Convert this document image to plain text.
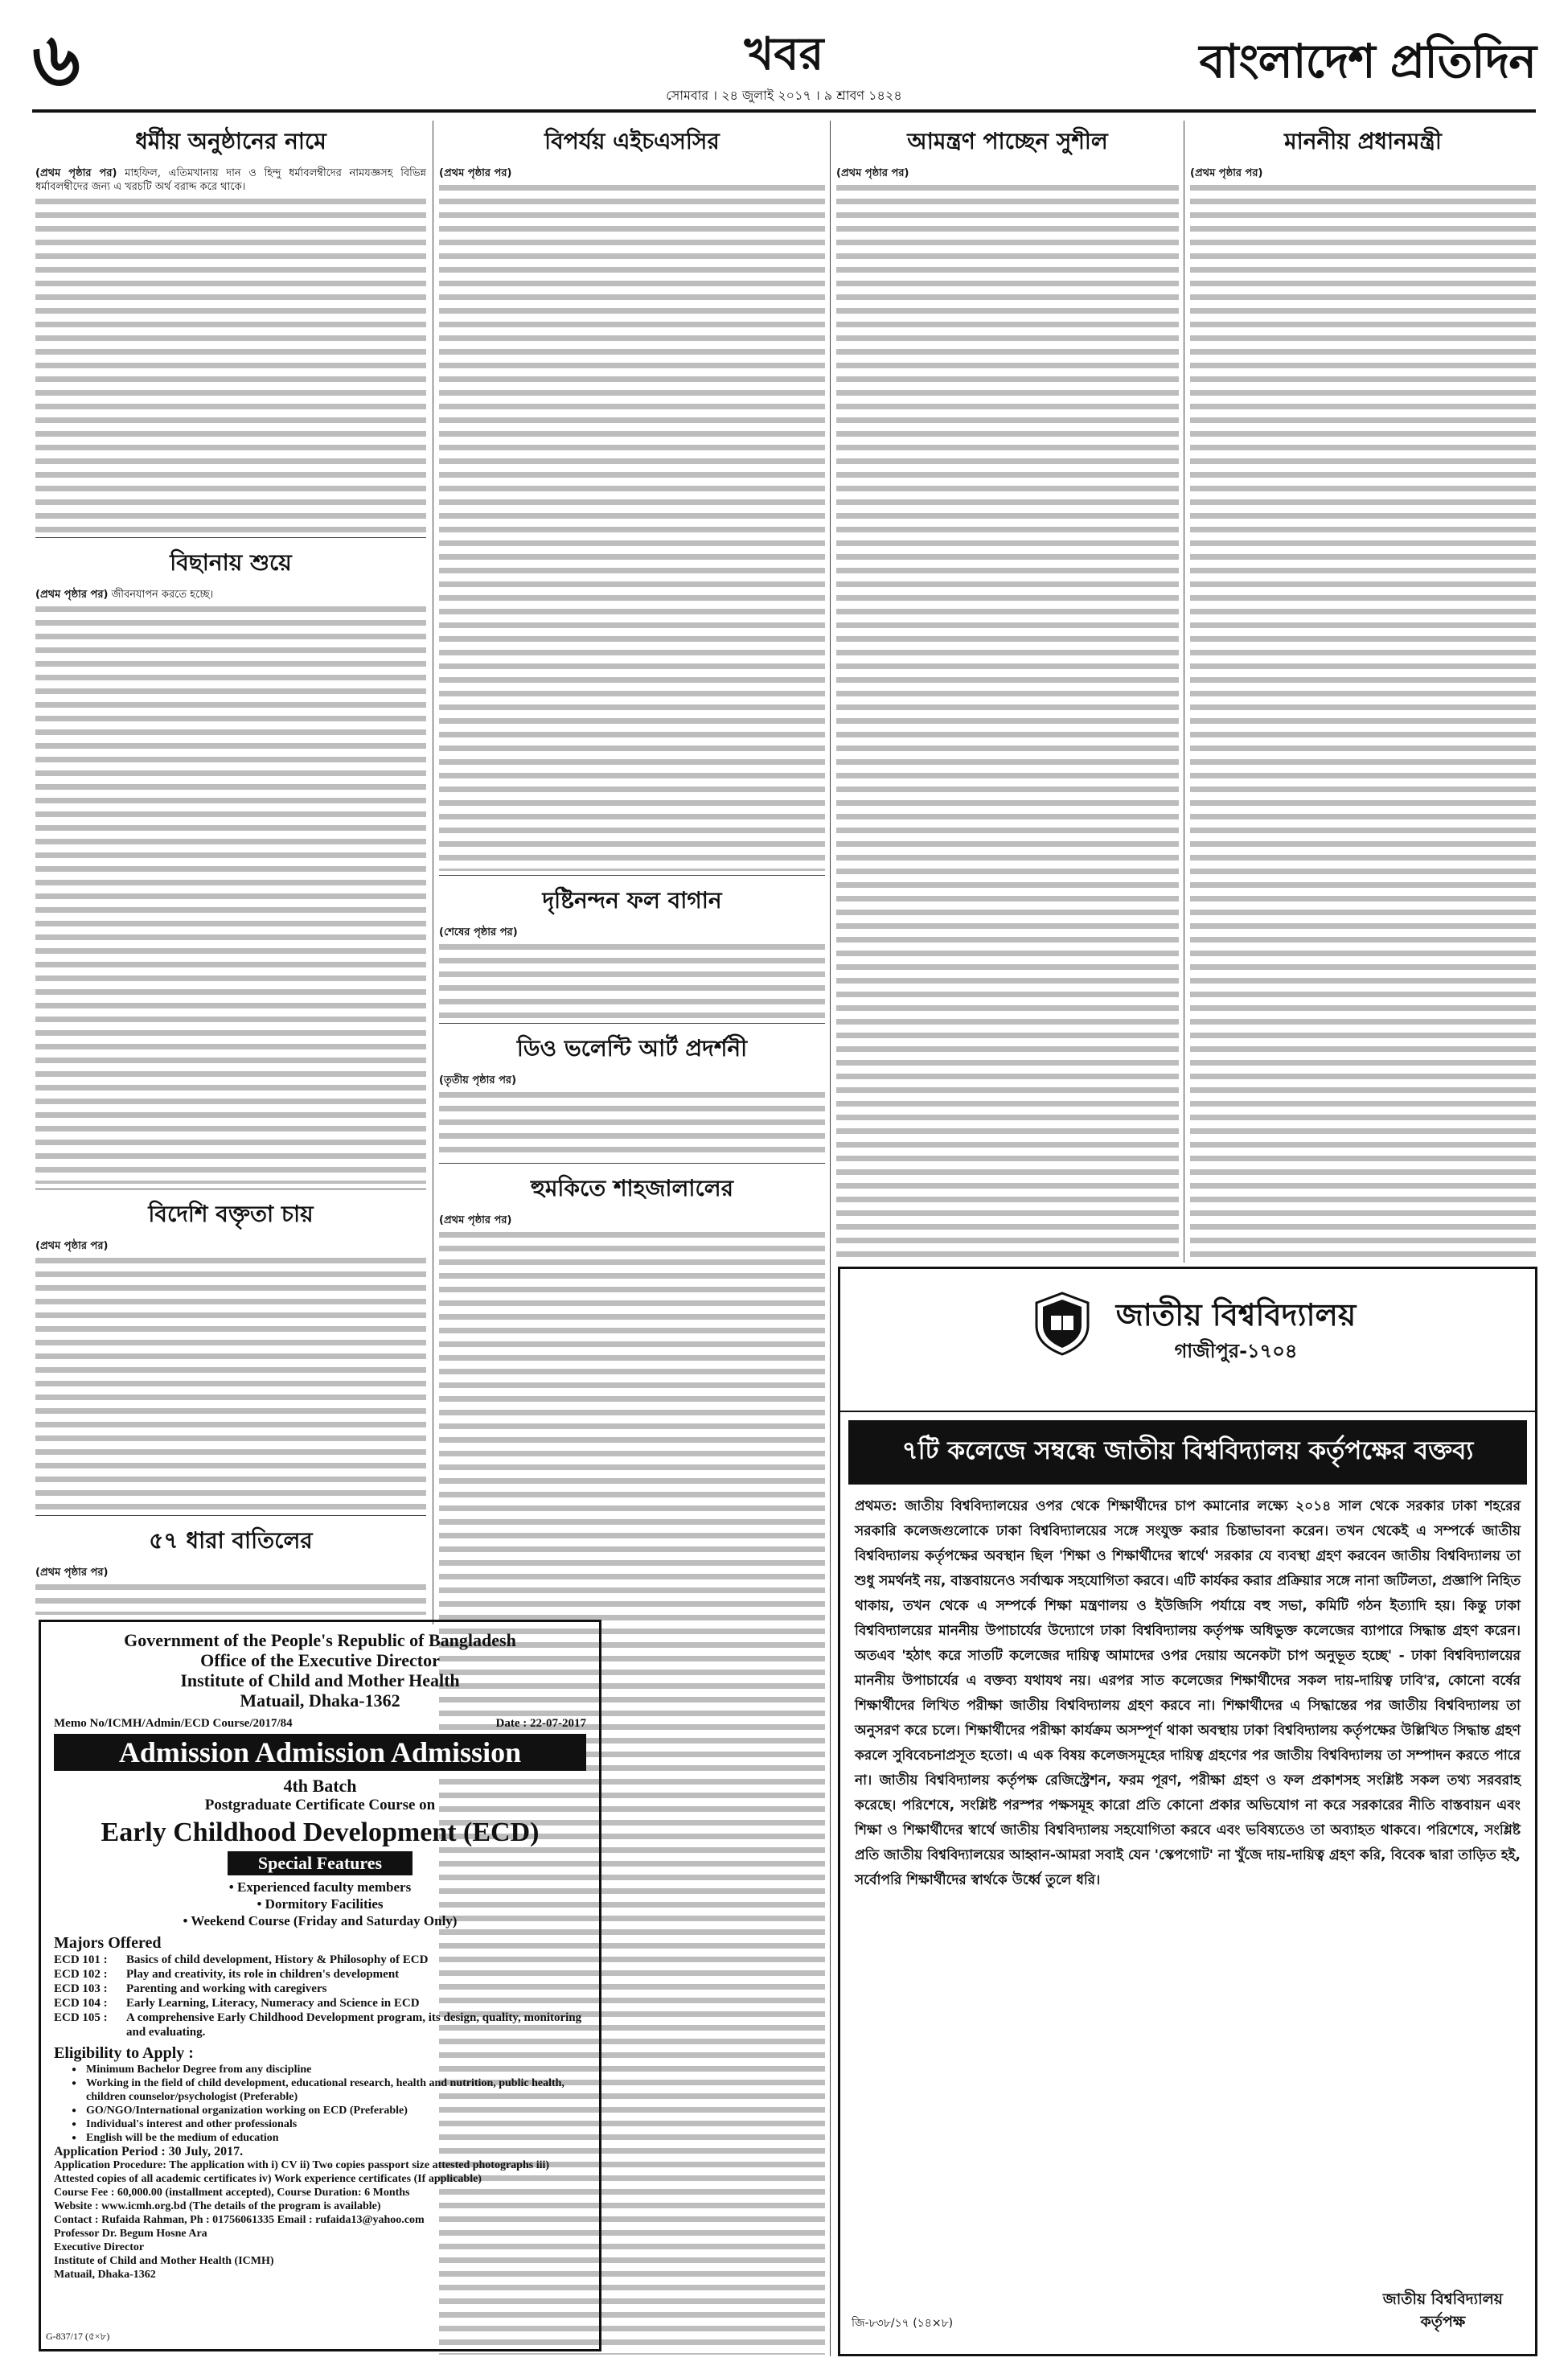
৬	খবর
সোমবার । ২৪ জুলাই ২০১৭ । ৯ শ্রাবণ ১৪২৪
বাংলাদেশ প্রতিদিন
ধর্মীয় অনুষ্ঠানের নামে
(প্রথম পৃষ্ঠার পর) মাহফিল, এতিমখানায় দান ও হিন্দু ধর্মাবলম্বীদের নামযজ্ঞসহ বিভিন্ন ধর্মাবলম্বীদের জন্য এ খরচটি অর্থ বরাদ্দ করে থাকে।
বিছানায় শুয়ে
(প্রথম পৃষ্ঠার পর) জীবনযাপন করতে হচ্ছে।
বিদেশি বক্তৃতা চায়
(প্রথম পৃষ্ঠার পর)
৫৭ ধারা বাতিলের
(প্রথম পৃষ্ঠার পর)
বিপর্যয় এইচএসসির
(প্রথম পৃষ্ঠার পর)
আমন্ত্রণ পাচ্ছেন সুশীল
(প্রথম পৃষ্ঠার পর)
মাননীয় প্রধানমন্ত্রী
(প্রথম পৃষ্ঠার পর)
দৃষ্টিনন্দন ফল বাগান
(শেষের পৃষ্ঠার পর)
ডিও ভলেন্টি আর্ট প্রদর্শনী
(তৃতীয় পৃষ্ঠার পর)
হুমকিতে শাহজালালের
(প্রথম পৃষ্ঠার পর)
Government of the People's Republic of Bangladesh
Office of the Executive Director
Institute of Child and Mother Health
Matuail, Dhaka-1362
Memo No/ICMH/Admin/ECD Course/2017/84	Date : 22-07-2017
Admission Admission Admission
4th Batch
Postgraduate Certificate Course on
Early Childhood Development (ECD)
Special Features
• Experienced faculty members
• Dormitory Facilities
• Weekend Course (Friday and Saturday Only)
Majors Offered
ECD 101 :	Basics of child development, History & Philosophy of ECD
ECD 102 :	Play and creativity, its role in children's development
ECD 103 :	Parenting and working with caregivers
ECD 104 :	Early Learning, Literacy, Numeracy and Science in ECD
ECD 105 :	A comprehensive Early Childhood Development program, its design, quality, monitoring and evaluating.
Eligibility to Apply :
● Minimum Bachelor Degree from any discipline
● Working in the field of child development, educational research, health and nutrition, public health, children counselor/psychologist (Preferable)
● GO/NGO/International organization working on ECD (Preferable)
● Individual's interest and other professionals
● English will be the medium of education
Application Period : 30 July, 2017.
Application Procedure: The application with i) CV ii) Two copies passport size attested photographs iii) Attested copies of all academic certificates iv) Work experience certificates (If applicable)
Course Fee : 60,000.00 (installment accepted), Course Duration: 6 Months
Website : www.icmh.org.bd (The details of the program is available)
Contact : Rufaida Rahman, Ph : 01756061335 Email : rufaida13@yahoo.com
Professor Dr. Begum Hosne Ara
Executive Director
Institute of Child and Mother Health (ICMH)
Matuail, Dhaka-1362
G-837/17 (৫×৮)
জাতীয় বিশ্ববিদ্যালয়
গাজীপুর-১৭০৪
৭টি কলেজে সম্বন্ধে জাতীয় বিশ্ববিদ্যালয় কর্তৃপক্ষের বক্তব্য
প্রথমত: জাতীয় বিশ্ববিদ্যালয়ের ওপর থেকে শিক্ষার্থীদের চাপ কমানোর লক্ষ্যে ২০১৪ সাল থেকে সরকার ঢাকা শহরের সরকারি কলেজগুলোকে ঢাকা বিশ্ববিদ্যালয়ের সঙ্গে সংযুক্ত করার চিন্তাভাবনা করেন। তখন থেকেই এ সম্পর্কে জাতীয় বিশ্ববিদ্যালয় কর্তৃপক্ষের অবস্থান ছিল 'শিক্ষা ও শিক্ষার্থীদের স্বার্থে' সরকার যে ব্যবস্থা গ্রহণ করবেন জাতীয় বিশ্ববিদ্যালয় তা শুধু সমর্থনই নয়, বাস্তবায়নেও সর্বাত্মক সহযোগিতা করবে। এটি কার্যকর করার প্রক্রিয়ার সঙ্গে নানা জটিলতা, প্রজ্ঞাপি নিহিত থাকায়, তখন থেকে এ সম্পর্কে শিক্ষা মন্ত্রণালয় ও ইউজিসি পর্যায়ে বহু সভা, কমিটি গঠন ইত্যাদি হয়। কিন্তু ঢাকা বিশ্ববিদ্যালয়ের মাননীয় উপাচার্যের উদ্যোগে ঢাকা বিশ্ববিদ্যালয় কর্তৃপক্ষ অধিভুক্ত কলেজের ব্যাপারে সিদ্ধান্ত গ্রহণ করেন। অতএব 'হঠাৎ করে সাতটি কলেজের দায়িত্ব আমাদের ওপর দেয়ায় অনেকটা চাপ অনুভূত হচ্ছে' - ঢাকা বিশ্ববিদ্যালয়ের মাননীয় উপাচার্যের এ বক্তব্য যথাযথ নয়। এরপর সাত কলেজের শিক্ষার্থীদের সকল দায়-দায়িত্ব ঢাবি'র, কোনো বর্ষের শিক্ষার্থীদের লিখিত পরীক্ষা জাতীয় বিশ্ববিদ্যালয় গ্রহণ করবে না। শিক্ষার্থীদের এ সিদ্ধান্তের পর জাতীয় বিশ্ববিদ্যালয় তা অনুসরণ করে চলে। শিক্ষার্থীদের পরীক্ষা কার্যক্রম অসম্পূর্ণ থাকা অবস্থায় ঢাকা বিশ্ববিদ্যালয় কর্তৃপক্ষের উল্লিখিত সিদ্ধান্ত গ্রহণ করলে সুবিবেচনাপ্রসূত হতো। এ এক বিষয় কলেজসমূহের দায়িত্ব গ্রহণের পর জাতীয় বিশ্ববিদ্যালয় তা সম্পাদন করতে পারে না। জাতীয় বিশ্ববিদ্যালয় কর্তৃপক্ষ রেজিস্ট্রেশন, ফরম পূরণ, পরীক্ষা গ্রহণ ও ফল প্রকাশসহ সংশ্লিষ্ট সকল তথ্য সরবরাহ করেছে। পরিশেষে, সংশ্লিষ্ট পরস্পর পক্ষসমূহ কারো প্রতি কোনো প্রকার অভিযোগ না করে সরকারের নীতি বাস্তবায়ন এবং শিক্ষা ও শিক্ষার্থীদের স্বার্থে জাতীয় বিশ্ববিদ্যালয় সহযোগিতা করবে এবং ভবিষ্যতেও তা অব্যাহত থাকবে। পরিশেষে, সংশ্লিষ্ট প্রতি জাতীয় বিশ্ববিদ্যালয়ের আহ্বান-আমরা সবাই যেন 'স্কেপগোট' না খুঁজে দায়-দায়িত্ব গ্রহণ করি, বিবেক দ্বারা তাড়িত হই, সর্বোপরি শিক্ষার্থীদের স্বার্থকে উর্ধ্বে তুলে ধরি।
জি-৮৩৮/১৭ (১৪×৮)
জাতীয় বিশ্ববিদ্যালয়
কর্তৃপক্ষ
